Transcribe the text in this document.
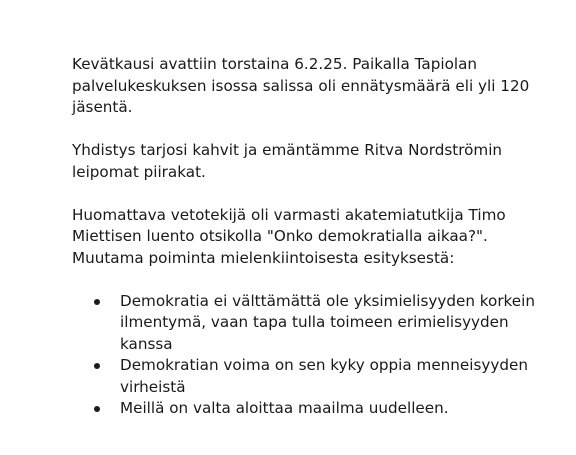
Kevätkausi avattiin torstaina 6.2.25. Paikalla Tapiolan palvelukeskuksen isossa salissa oli ennätysmäärä eli yli 120 jäsentä.

Yhdistys tarjosi kahvit ja emäntämme Ritva Nordströmin leipomat piirakat.

Huomattava vetotekijä oli varmasti akatemiatutkija Timo Miettisen luento otsikolla "Onko demokratialla aikaa?". Muutama poiminta mielenkiintoisesta esityksestä:

Demokratia ei välttämättä ole yksimielisyyden korkein ilmentymä, vaan tapa tulla toimeen erimielisyyden kanssa
Demokratian voima on sen kyky oppia menneisyyden virheistä
Meillä on valta aloittaa maailma uudelleen.
